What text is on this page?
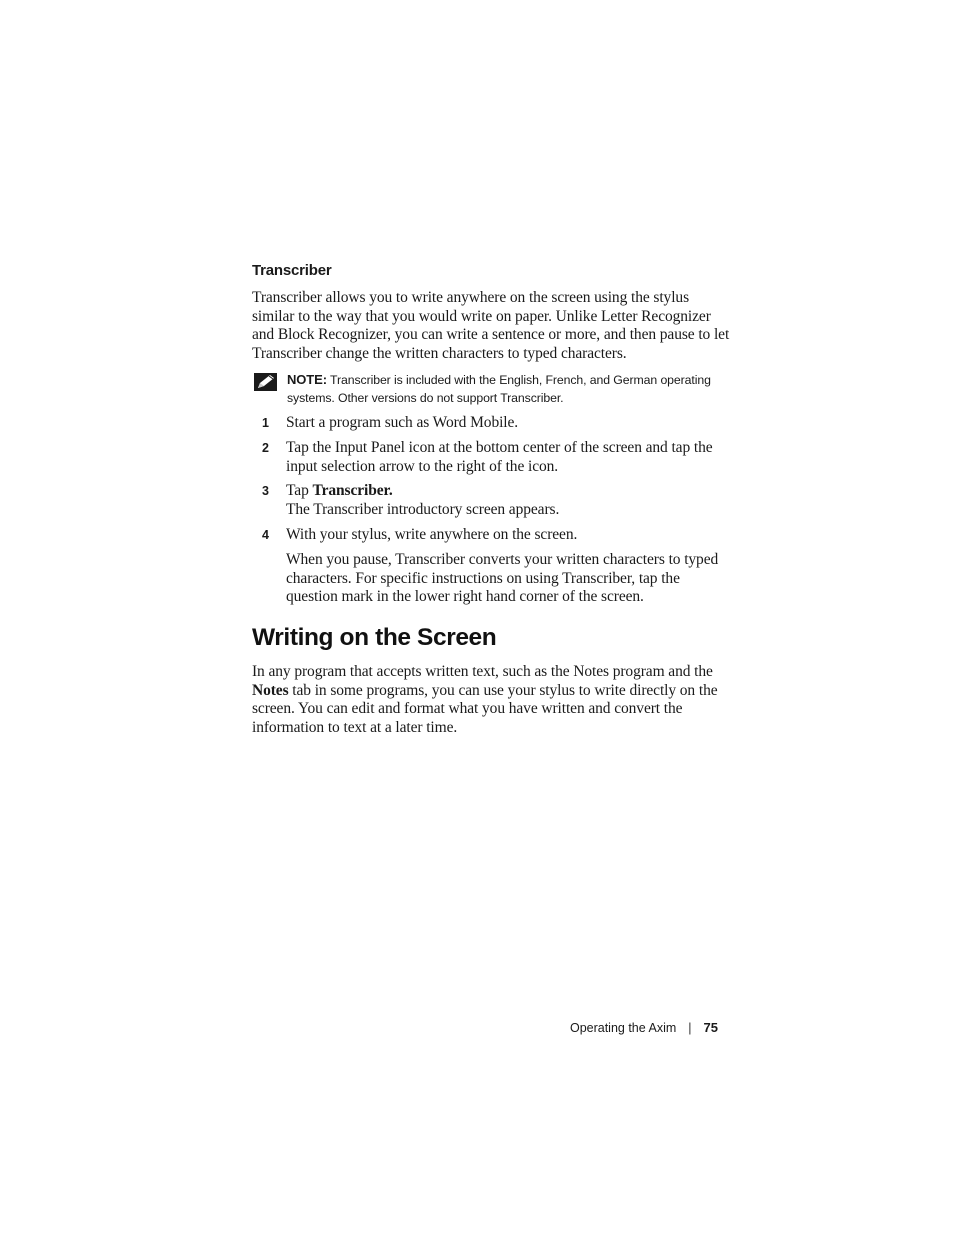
Transcriber

Transcriber allows you to write anywhere on the screen using the stylus similar to the way that you would write on paper. Unlike Letter Recognizer and Block Recognizer, you can write a sentence or more, and then pause to let Transcriber change the written characters to typed characters.

NOTE: Transcriber is included with the English, French, and German operating systems. Other versions do not support Transcriber.
1 Start a program such as Word Mobile.

2 Tap the Input Panel icon at the bottom center of the screen and tap the input selection arrow to the right of the icon.

3 Tap Transcriber.
The Transcriber introductory screen appears.

4 With your stylus, write anywhere on the screen.

When you pause, Transcriber converts your written characters to typed characters. For specific instructions on using Transcriber, tap the question mark in the lower right hand corner of the screen.

Writing on the Screen

In any program that accepts written text, such as the Notes program and the Notes tab in some programs, you can use your stylus to write directly on the screen. You can edit and format what you have written and convert the information to text at a later time.

Operating the Axim | 75
